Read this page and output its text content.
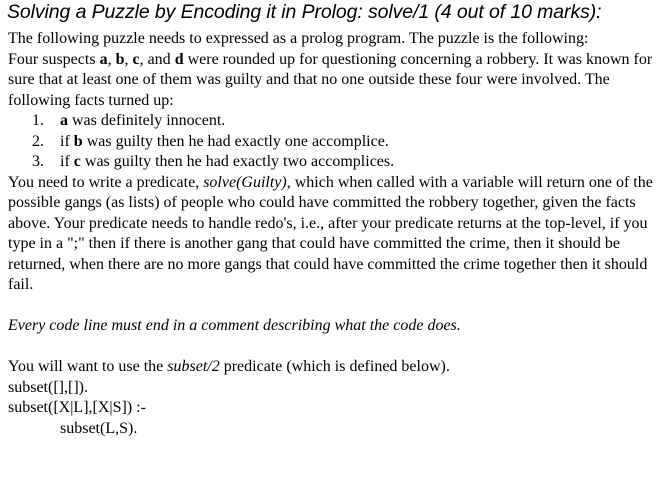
Solving a Puzzle by Encoding it in Prolog: solve/1 (4 out of 10 marks):

The following puzzle needs to expressed as a prolog program. The puzzle is the following:

Four suspects a, b, c, and d were rounded up for questioning concerning a robbery. It was known for sure that at least one of them was guilty and that no one outside these four were involved. The following facts turned up:

1. a was definitely innocent.
2. if b was guilty then he had exactly one accomplice.
3. if c was guilty then he had exactly two accomplices.

You need to write a predicate, solve(Guilty), which when called with a variable will return one of the possible gangs (as lists) of people who could have committed the robbery together, given the facts above. Your predicate needs to handle redo's, i.e., after your predicate returns at the top-level, if you type in a ";" then if there is another gang that could have committed the crime, then it should be returned, when there are no more gangs that could have committed the crime together then it should fail.

Every code line must end in a comment describing what the code does.

You will want to use the subset/2 predicate (which is defined below).

subset([],[]).
subset([X|L],[X|S]) :-
subset(L,S).
